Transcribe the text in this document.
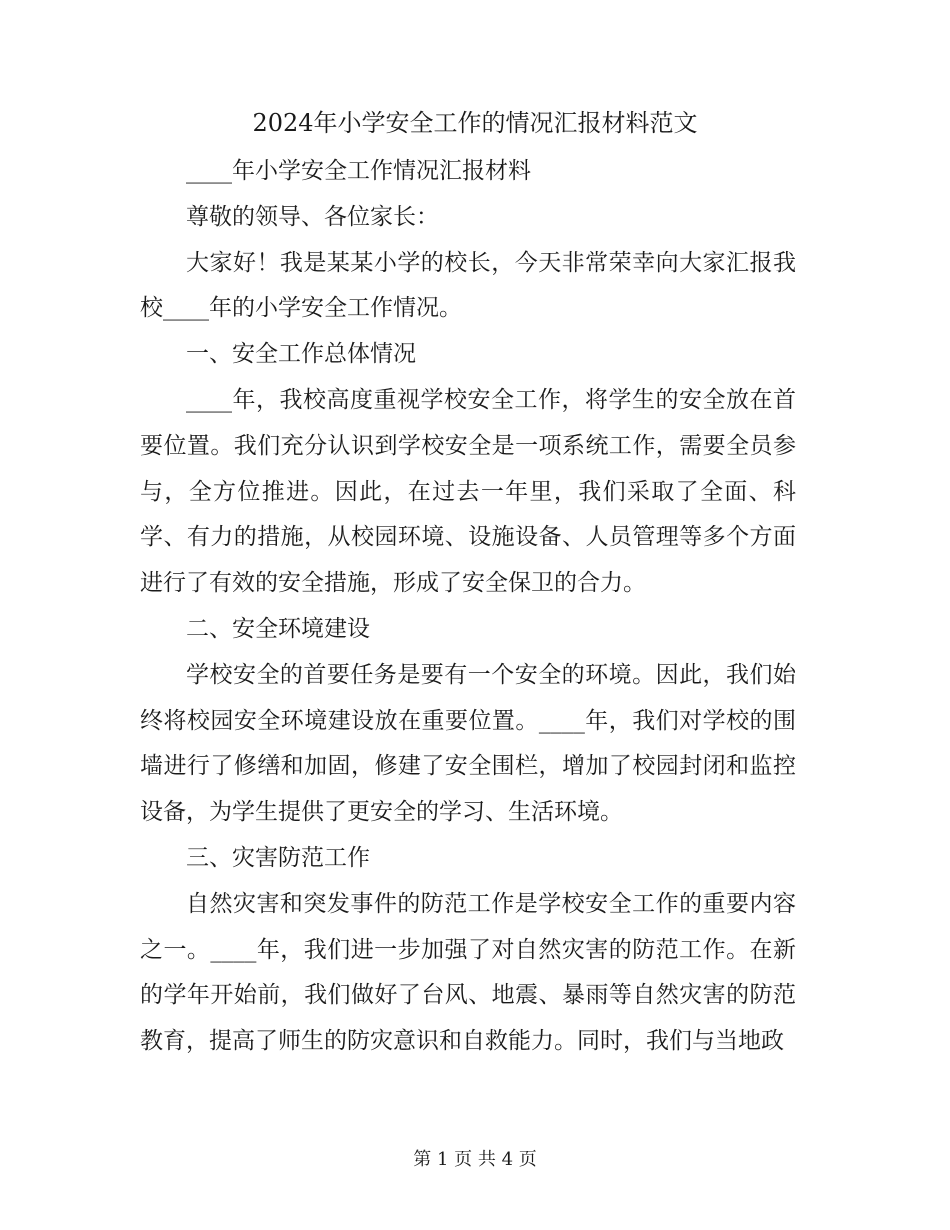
2024年小学安全工作的情况汇报材料范文

____年小学安全工作情况汇报材料

尊敬的领导、各位家长：

大家好！我是某某小学的校长，今天非常荣幸向大家汇报我校____年的小学安全工作情况。

一、安全工作总体情况

____年，我校高度重视学校安全工作，将学生的安全放在首要位置。我们充分认识到学校安全是一项系统工作，需要全员参与，全方位推进。因此，在过去一年里，我们采取了全面、科学、有力的措施，从校园环境、设施设备、人员管理等多个方面进行了有效的安全措施，形成了安全保卫的合力。

二、安全环境建设

学校安全的首要任务是要有一个安全的环境。因此，我们始终将校园安全环境建设放在重要位置。____年，我们对学校的围墙进行了修缮和加固，修建了安全围栏，增加了校园封闭和监控设备，为学生提供了更安全的学习、生活环境。

三、灾害防范工作

自然灾害和突发事件的防范工作是学校安全工作的重要内容之一。____年，我们进一步加强了对自然灾害的防范工作。在新的学年开始前，我们做好了台风、地震、暴雨等自然灾害的防范教育，提高了师生的防灾意识和自救能力。同时，我们与当地政

第 1 页 共 4 页
